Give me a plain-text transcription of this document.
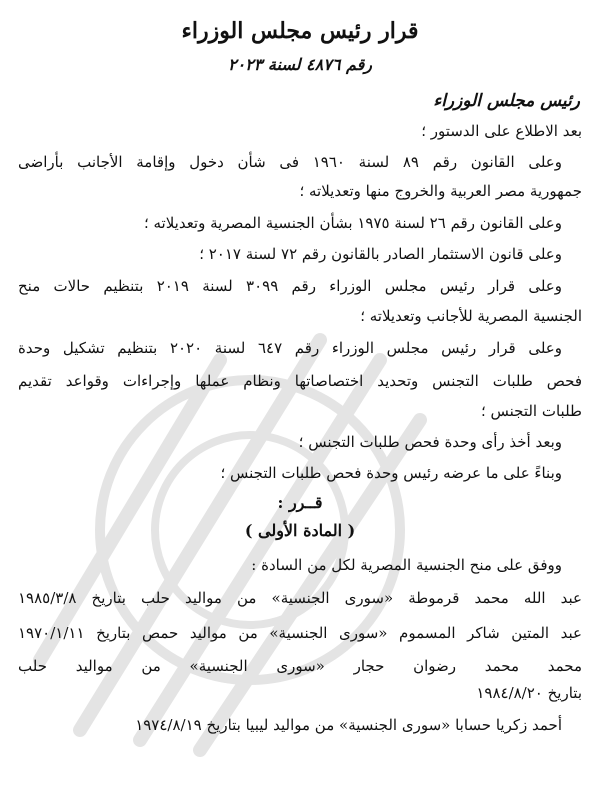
قرار رئيس مجلس الوزراء
رقم ٤٨٧٦ لسنة ٢٠٢٣
رئيس مجلس الوزراء
بعد الاطلاع على الدستور ؛
وعلى القانون رقم ٨٩ لسنة ١٩٦٠ فى شأن دخول وإقامة الأجانب بأراضى
جمهورية مصر العربية والخروج منها وتعديلاته ؛
وعلى القانون رقم ٢٦ لسنة ١٩٧٥ بشأن الجنسية المصرية وتعديلاته ؛
وعلى قانون الاستثمار الصادر بالقانون رقم ٧٢ لسنة ٢٠١٧ ؛
وعلى قرار رئيس مجلس الوزراء رقم ٣٠٩٩ لسنة ٢٠١٩ بتنظيم حالات منح
الجنسية المصرية للأجانب وتعديلاته ؛
وعلى قرار رئيس مجلس الوزراء رقم ٦٤٧ لسنة ٢٠٢٠ بتنظيم تشكيل وحدة
فحص طلبات التجنس وتحديد اختصاصاتها ونظام عملها وإجراءات وقواعد تقديم
طلبات التجنس ؛
وبعد أخذ رأى وحدة فحص طلبات التجنس ؛
وبناءً على ما عرضه رئيس وحدة فحص طلبات التجنس ؛
قــرر :
( المادة الأولى )
ووفق على منح الجنسية المصرية لكل من السادة :
عبد الله محمد قرموطة «سورى الجنسية» من مواليد حلب بتاريخ ١٩٨٥/٣/٨
عبد المتين شاكر المسموم «سورى الجنسية» من مواليد حمص بتاريخ ١٩٧٠/١/١١
محمد محمد رضوان حجار «سورى الجنسية» من مواليد حلب
بتاريخ ١٩٨٤/٨/٢٠
أحمد زكريا حسابا «سورى الجنسية» من مواليد ليبيا بتاريخ ١٩٧٤/٨/١٩
